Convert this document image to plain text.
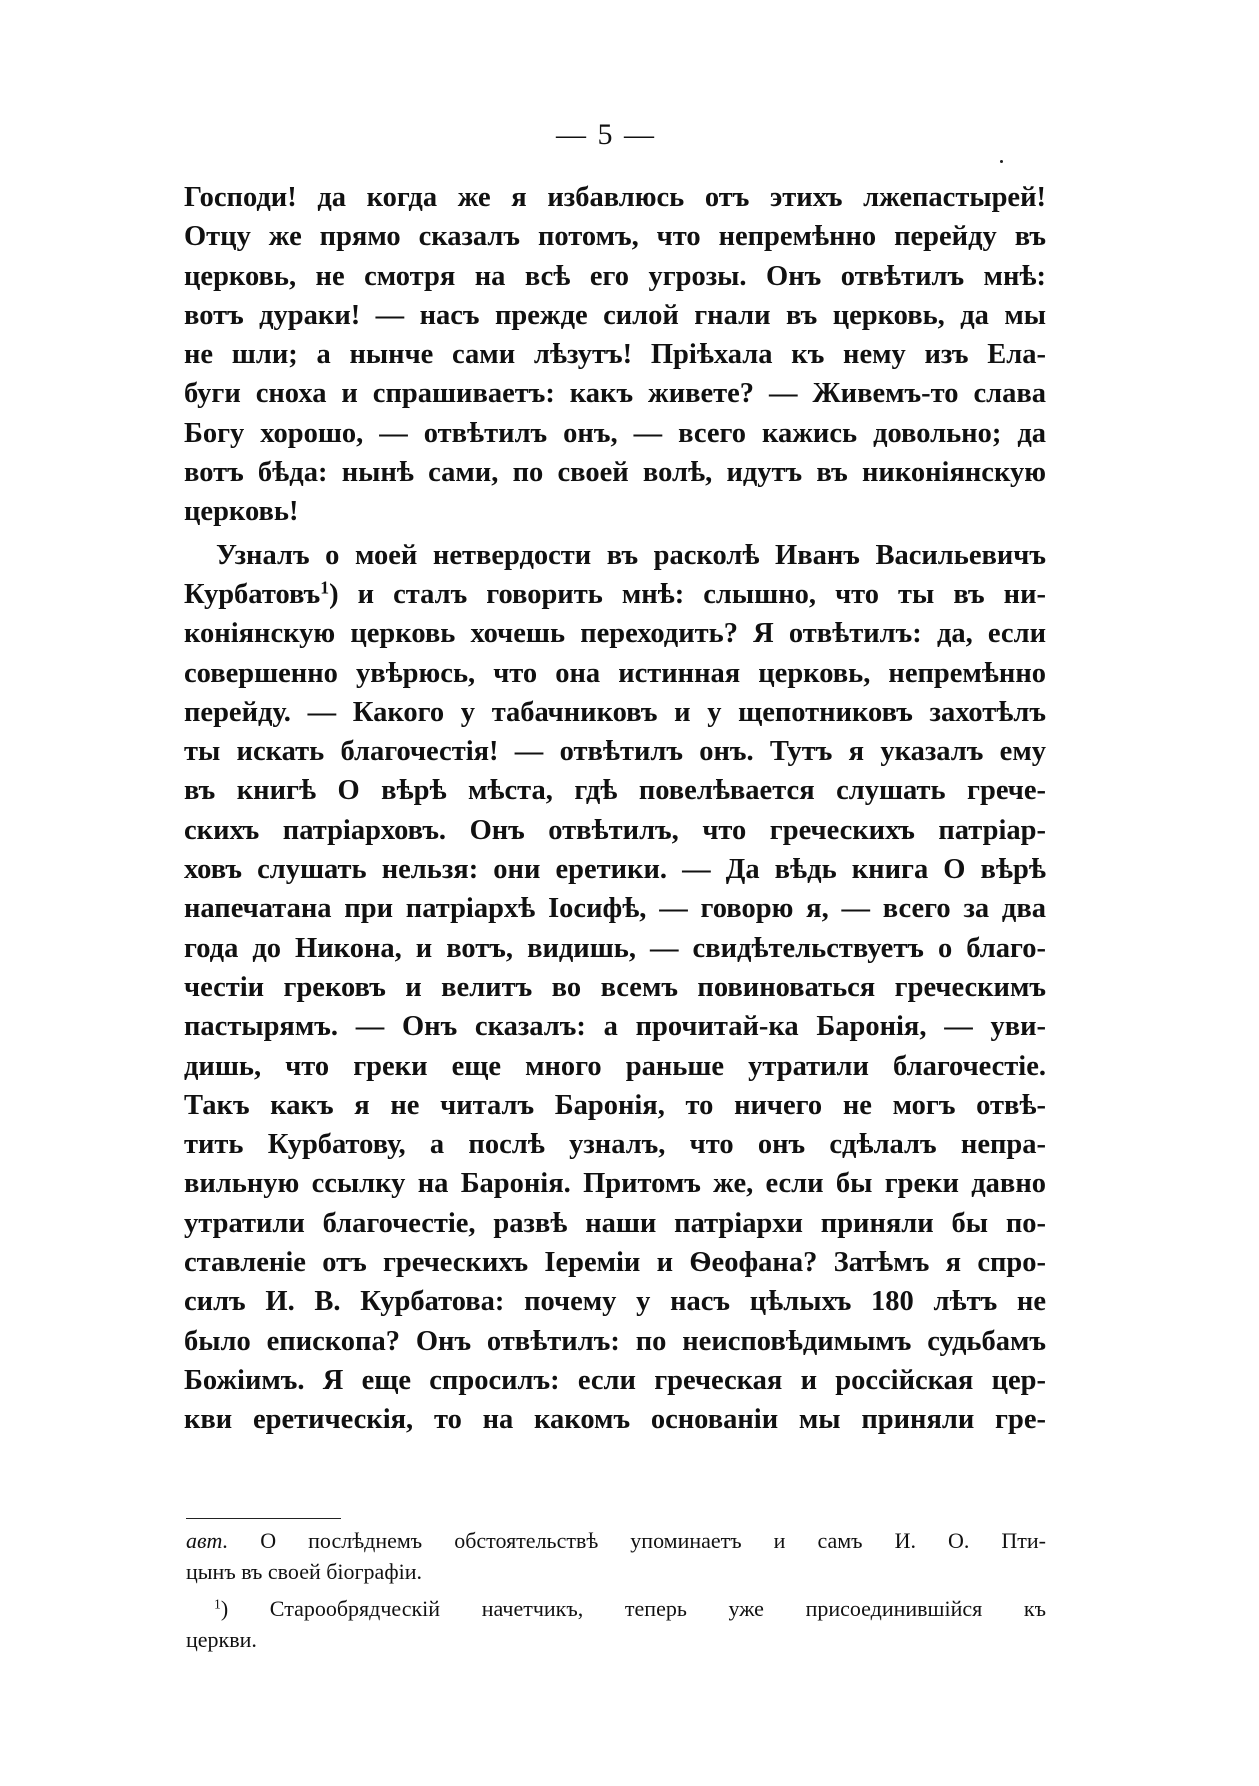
— 5 —
Господи! да когда же я избавлюсь отъ этихъ лжепастырей!
Отцу же прямо сказалъ потомъ, что непремѣнно перейду въ
церковь, не смотря на всѣ его угрозы. Онъ отвѣтилъ мнѣ:
вотъ дураки! — насъ прежде силой гнали въ церковь, да мы
не шли; а нынче сами лѣзутъ! Пріѣхала къ нему изъ Ела-
буги сноха и спрашиваетъ: какъ живете? — Живемъ-то слава
Богу хорошо, — отвѣтилъ онъ, — всего кажись довольно; да
вотъ бѣда: нынѣ сами, по своей волѣ, идутъ въ никоніянскую
церковь!
Узналъ о моей нетвердости въ расколѣ Иванъ Васильевичъ
Курбатовъ$^1$) и сталъ говорить мнѣ: слышно, что ты въ ни-
коніянскую церковь хочешь переходить? Я отвѣтилъ: да, если
совершенно увѣрюсь, что она истинная церковь, непремѣнно
перейду. — Какого у табачниковъ и у щепотниковъ захотѣлъ
ты искать благочестія! — отвѣтилъ онъ. Тутъ я указалъ ему
въ книгѣ О вѣрѣ мѣста, гдѣ повелѣвается слушать грече-
скихъ патріарховъ. Онъ отвѣтилъ, что греческихъ патріар-
ховъ слушать нельзя: они еретики. — Да вѣдь книга О вѣрѣ
напечатана при патріархѣ Іосифѣ, — говорю я, — всего за два
года до Никона, и вотъ, видишь, — свидѣтельствуетъ о благо-
честіи грековъ и велитъ во всемъ повиноваться греческимъ
пастырямъ. — Онъ сказалъ: а прочитай-ка Баронія, — уви-
дишь, что греки еще много раньше утратили благочестіе.
Такъ какъ я не читалъ Баронія, то ничего не могъ отвѣ-
тить Курбатову, а послѣ узналъ, что онъ сдѣлалъ непра-
вильную ссылку на Баронія. Притомъ же, если бы греки давно
утратили благочестіе, развѣ наши патріархи приняли бы по-
ставленіе отъ греческихъ Іереміи и Ѳеофана? Затѣмъ я спро-
силъ И. В. Курбатова: почему у насъ цѣлыхъ 180 лѣтъ не
было епископа? Онъ отвѣтилъ: по неисповѣдимымъ судьбамъ
Божіимъ. Я еще спросилъ: если греческая и россійская цер-
кви еретическія, то на какомъ основаніи мы приняли гре-
авт. О послѣднемъ обстоятельствѣ упоминаетъ и самъ И. О. Пти-
цынъ въ своей біографіи.
$^1$) Старообрядческій начетчикъ, теперь уже присоединившійся къ
церкви.
